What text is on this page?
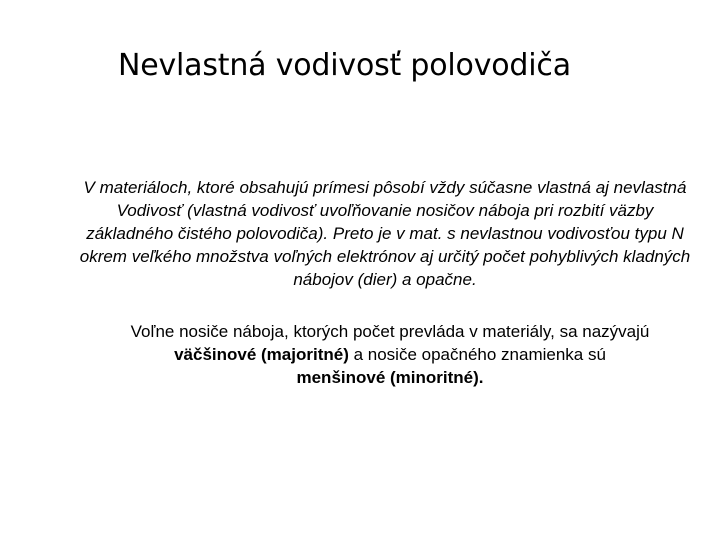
Nevlastná vodivosť polovodiča
V materiáloch, ktoré obsahujú prímesi pôsobí vždy súčasne vlastná aj nevlastná
Vodivosť (vlastná vodivosť uvoľňovanie nosičov náboja pri rozbití väzby
základného čistého polovodiča). Preto je v mat. s nevlastnou vodivosťou typu N
okrem veľkého množstva voľných elektrónov aj určitý počet pohyblivých kladných
nábojov (dier) a opačne.
Voľne nosiče náboja, ktorých počet prevláda v materiály, sa nazývajú
väčšinové (majoritné) a nosiče opačného znamienka sú
menšinové (minoritné).
